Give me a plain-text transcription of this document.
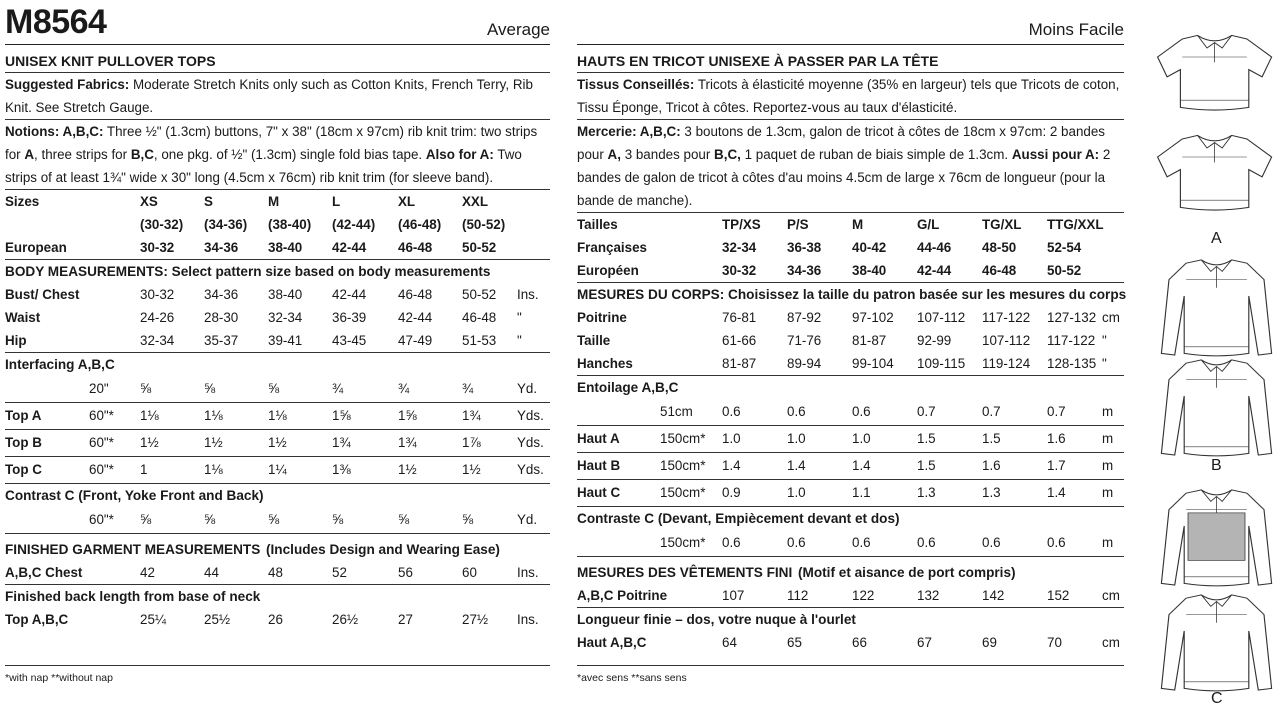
M8564	Average
UNISEX KNIT PULLOVER TOPS
Suggested Fabrics: Moderate Stretch Knits only such as Cotton Knits, French Terry, Rib Knit. See Stretch Gauge.
Notions: A,B,C: Three ½" (1.3cm) buttons, 7" x 38" (18cm x 97cm) rib knit trim: two strips for A, three strips for B,C, one pkg. of ½" (1.3cm) single fold bias tape. Also for A: Two strips of at least 1¾" wide x 30" long (4.5cm x 76cm) rib knit trim (for sleeve band).
Sizes	XS	S	M	L	XL	XXL
(30-32) (34-36) (38-40) (42-44) (46-48) (50-52)
European	30-32 34-36 38-40 42-44 46-48 50-52
BODY MEASUREMENTS: Select pattern size based on body measurements
Bust/ Chest	30-32 34-36 38-40 42-44 46-48 50-52 Ins.
Waist	24-26 28-30 32-34 36-39 42-44 46-48 "
Hip	32-34 35-37 39-41 43-45 47-49 51-53 "
Interfacing A,B,C
20" ⅝	⅝	⅝	¾	¾	¾	Yd.
Top A	60"* 1⅛	1⅛	1⅛	1⅝	1⅝	1¾	Yds.
Top B	60"* 1½	1½	1½	1¾	1¾	1⅞	Yds.
Top C	60"* 1	1⅛	1¼	1⅜	1½	1½	Yds.
Contrast C (Front, Yoke Front and Back)
60"* ⅝	⅝	⅝	⅝	⅝	⅝	Yd.
FINISHED GARMENT MEASUREMENTS (Includes Design and Wearing Ease)
A,B,C Chest	42	44	48	52	56	60	Ins.
Finished back length from base of neck
Top A,B,C	25¼	25½	26	26½	27	27½ Ins.
Moins Facile
HAUTS EN TRICOT UNISEXE À PASSER PAR LA TÊTE
Tissus Conseillés: Tricots à élasticité moyenne (35% en largeur) tels que Tricots de coton, Tissu Éponge, Tricot à côtes. Reportez-vous au taux d'élasticité.
Mercerie: A,B,C: 3 boutons de 1.3cm, galon de tricot à côtes de 18cm x 97cm: 2 bandes pour A, 3 bandes pour B,C, 1 paquet de ruban de biais simple de 1.3cm. Aussi pour A: 2 bandes de galon de tricot à côtes d'au moins 4.5cm de large x 76cm de longueur (pour la bande de manche).
Tailles	TP/XS P/S	M	G/L	TG/XL TTG/XXL
Françaises	32-34 36-38 40-42 44-46 48-50 52-54
Européen	30-32 34-36 38-40 42-44 46-48 50-52
MESURES DU CORPS: Choisissez la taille du patron basée sur les mesures du corps
Poitrine	76-81 87-92 97-102 107-112 117-122 127-132 cm
Taille	61-66 71-76 81-87 92-99 107-112 117-122 "
Hanches	81-87 89-94 99-104 109-115 119-124 128-135 "
Entoilage A,B,C
51cm 0.6	0.6	0.6	0.7	0.7	0.7	m
Haut A	150cm* 1.0	1.0	1.0	1.5	1.5	1.6	m
Haut B	150cm* 1.4	1.4	1.4	1.5	1.6	1.7	m
Haut C	150cm* 0.9	1.0	1.1	1.3	1.3	1.4	m
Contraste C (Devant, Empiècement devant et dos)
150cm* 0.6	0.6	0.6	0.6	0.6	0.6	m
MESURES DES VÊTEMENTS FINI (Motif et aisance de port compris)
A,B,C Poitrine	107	112	122	132	142	152 cm
Longueur finie – dos, votre nuque à l'ourlet
Haut A,B,C	64	65	66	67	69	70	cm
*with nap **without nap	*avec sens **sans sens
A
B
C
